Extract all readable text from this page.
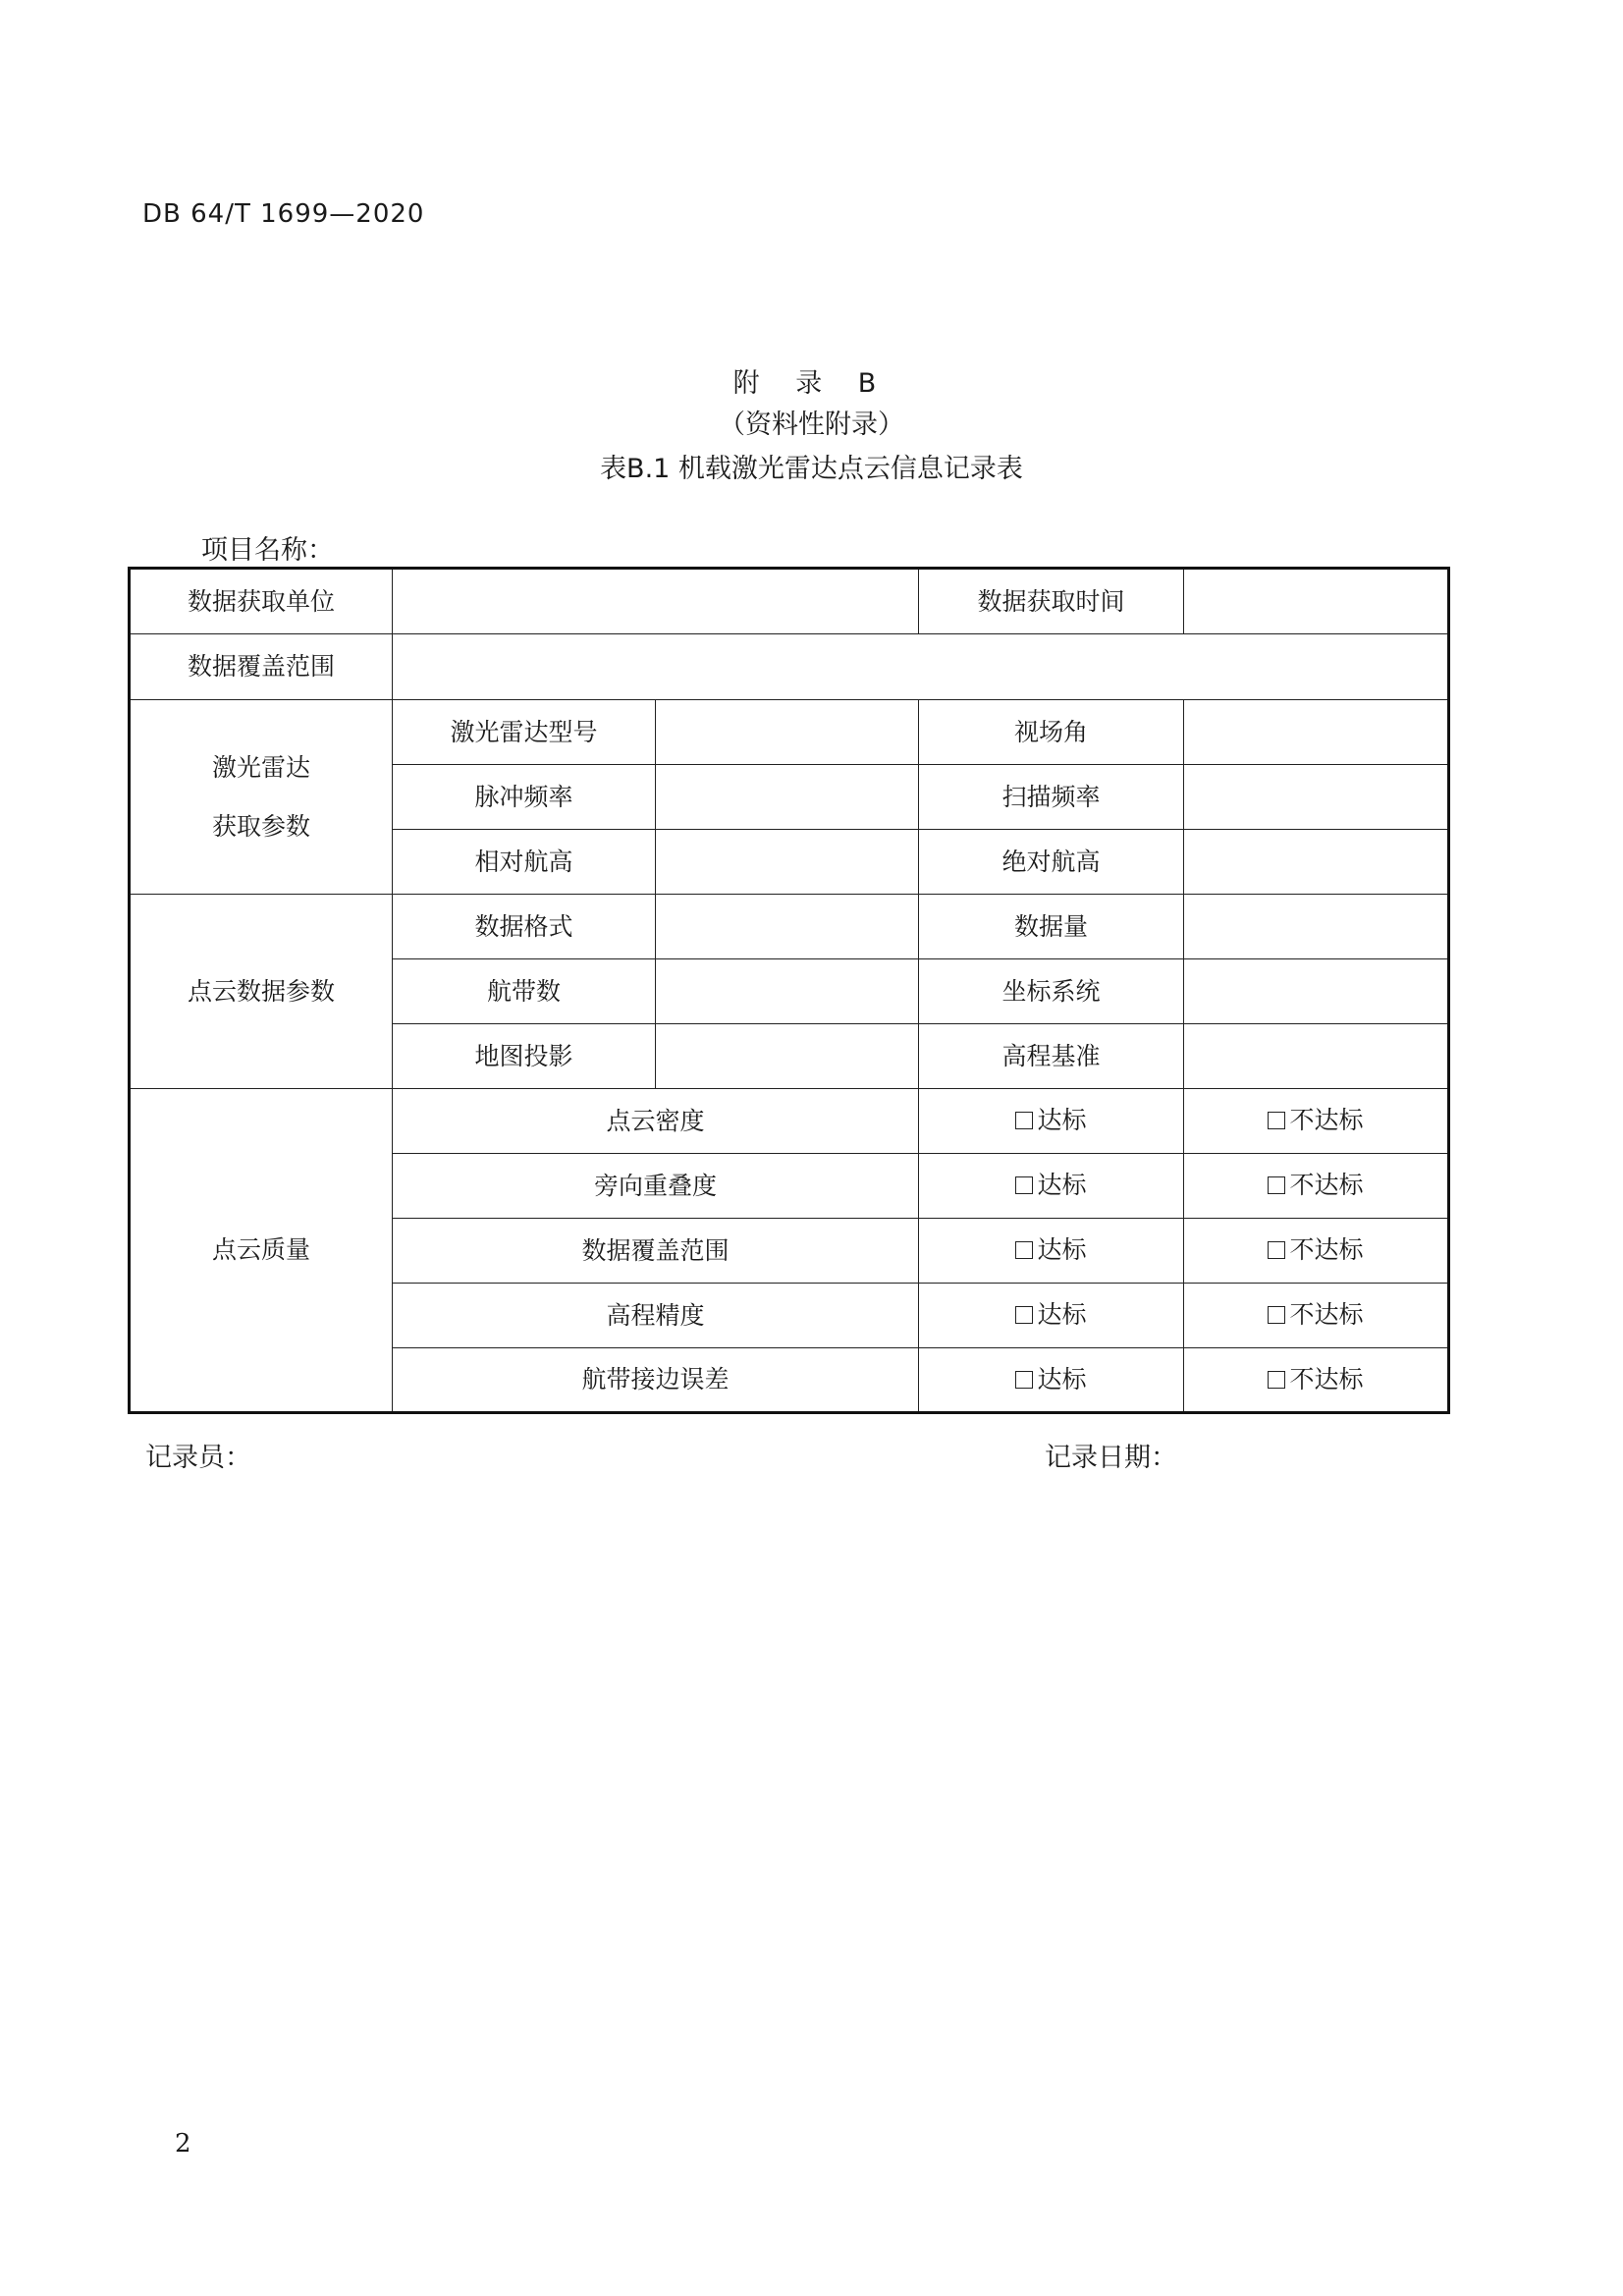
DB 64/T 1699—2020
附 录 B
（资料性附录）
表B.1 机载激光雷达点云信息记录表
项目名称：
数据获取单位			数据获取时间	
数据覆盖范围				

激光雷达
获取参数	激光雷达型号		视场角	
	脉冲频率		扫描频率	
	相对航高		绝对航高	
点云数据参数	数据格式		数据量	
	航带数		坐标系统	
	地图投影		高程基准	
点云质量	点云密度		达标	不达标

	旁向重叠度		达标	不达标

	数据覆盖范围		达标	不达标

	高程精度		达标	不达标

	航带接边误差		达标	不达标
记录员：	记录日期：
2
